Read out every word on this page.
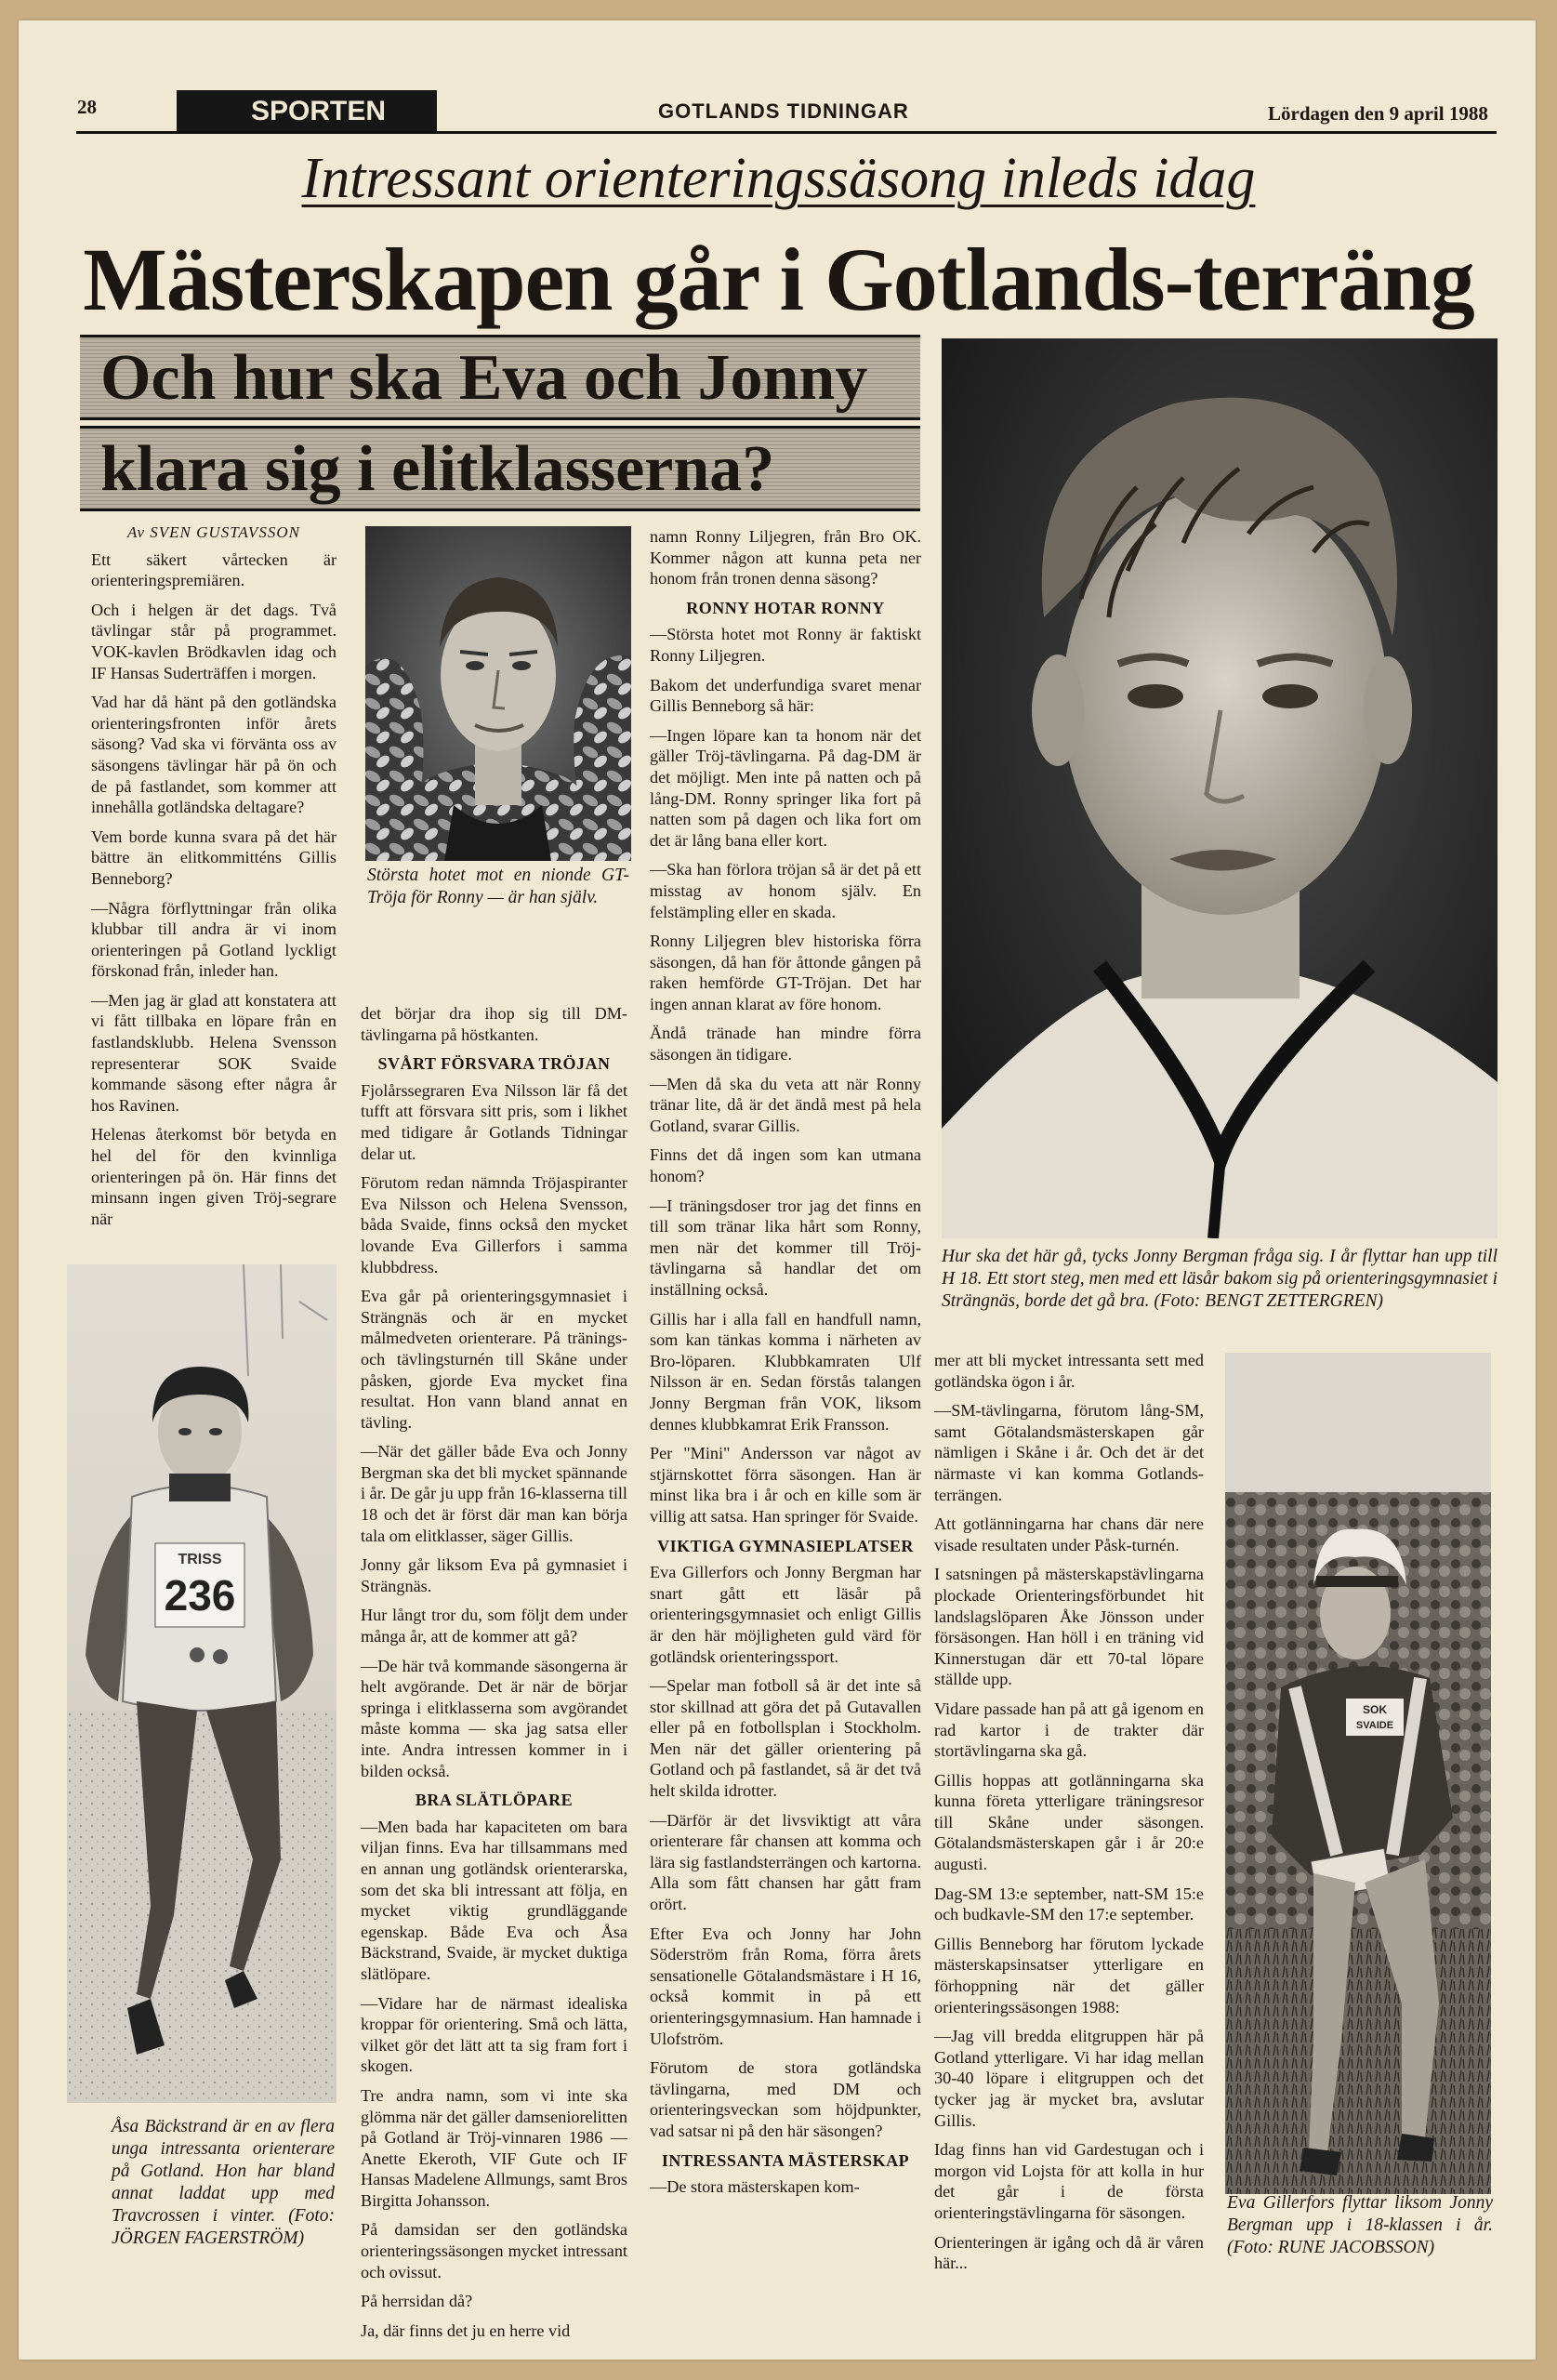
28	SPORTEN	GOTLANDS TIDNINGAR	Lördagen den 9 april 1988
Intressant orienteringssäsong inleds idag
Mästerskapen går i Gotlands-terräng
Och hur ska Eva och Jonny
klara sig i elitklasserna?

Av SVEN GUSTAVSSON

Ett säkert vårtecken är orienteringspremiären.

Och i helgen är det dags. Två tävlingar står på programmet. VOK-kavlen Brödkavlen idag och IF Hansas Suderträffen i morgen.

Vad har då hänt på den gotländska orienteringsfronten inför årets säsong? Vad ska vi förvänta oss av säsongens tävlingar här på ön och de på fastlandet, som kommer att innehålla gotländska deltagare?

Vem borde kunna svara på det här bättre än elitkommitténs Gillis Benneborg?

—Några förflyttningar från olika klubbar till andra är vi inom orienteringen på Gotland lyckligt förskonad från, inleder han.

—Men jag är glad att konstatera att vi fått tillbaka en löpare från en fastlandsklubb. Helena Svensson representerar SOK Svaide kommande säsong efter några år hos Ravinen.

Helenas återkomst bör betyda en hel del för den kvinnliga orienteringen på ön. Här finns det minsann ingen given Tröj-segrare när

det börjar dra ihop sig till DM-tävlingarna på höstkanten.

SVÅRT FÖRSVARA TRÖJAN

Fjolårssegraren Eva Nilsson lär få det tufft att försvara sitt pris, som i likhet med tidigare år Gotlands Tidningar delar ut.

Förutom redan nämnda Tröjaspiranter Eva Nilsson och Helena Svensson, båda Svaide, finns också den mycket lovande Eva Gillerfors i samma klubbdress.

Eva går på orienteringsgymnasiet i Strängnäs och är en mycket målmedveten orienterare. På tränings- och tävlingsturnén till Skåne under påsken, gjorde Eva mycket fina resultat. Hon vann bland annat en tävling.

—När det gäller både Eva och Jonny Bergman ska det bli mycket spännande i år. De går ju upp från 16-klasserna till 18 och det är först där man kan börja tala om elitklasser, säger Gillis.

Jonny går liksom Eva på gymnasiet i Strängnäs.

Hur långt tror du, som följt dem under många år, att de kommer att gå?

—De här två kommande säsongerna är helt avgörande. Det är när de börjar springa i elitklasserna som avgörandet måste komma — ska jag satsa eller inte. Andra intressen kommer in i bilden också.

BRA SLÄTLÖPARE

—Men bada har kapaciteten om bara viljan finns. Eva har tillsammans med en annan ung gotländsk orienterarska, som det ska bli intressant att följa, en mycket viktig grundläggande egenskap. Både Eva och Åsa Bäckstrand, Svaide, är mycket duktiga slätlöpare.

—Vidare har de närmast idealiska kroppar för orientering. Små och lätta, vilket gör det lätt att ta sig fram fort i skogen.

Tre andra namn, som vi inte ska glömma när det gäller damseniorelitten på Gotland är Tröj-vinnaren 1986 — Anette Ekeroth, VIF Gute och IF Hansas Madelene Allmungs, samt Bros Birgitta Johansson.

På damsidan ser den gotländska orienteringssäsongen mycket intressant och ovissut.

På herrsidan då?

Ja, där finns det ju en herre vid

namn Ronny Liljegren, från Bro OK. Kommer någon att kunna peta ner honom från tronen denna säsong?

RONNY HOTAR RONNY

—Största hotet mot Ronny är faktiskt Ronny Liljegren.

Bakom det underfundiga svaret menar Gillis Benneborg så här:

—Ingen löpare kan ta honom när det gäller Tröj-tävlingarna. På dag-DM är det möjligt. Men inte på natten och på lång-DM. Ronny springer lika fort på natten som på dagen och lika fort om det är lång bana eller kort.

—Ska han förlora tröjan så är det på ett misstag av honom själv. En felstämpling eller en skada.

Ronny Liljegren blev historiska förra säsongen, då han för åttonde gången på raken hemförde GT-Tröjan. Det har ingen annan klarat av före honom.

Ändå tränade han mindre förra säsongen än tidigare.

—Men då ska du veta att när Ronny tränar lite, då är det ändå mest på hela Gotland, svarar Gillis.

Finns det då ingen som kan utmana honom?

—I träningsdoser tror jag det finns en till som tränar lika hårt som Ronny, men när det kommer till Tröj-tävlingarna så handlar det om inställning också.

Gillis har i alla fall en handfull namn, som kan tänkas komma i närheten av Bro-löparen. Klubbkamraten Ulf Nilsson är en. Sedan förstås talangen Jonny Bergman från VOK, liksom dennes klubbkamrat Erik Fransson.

Per "Mini" Andersson var något av stjärnskottet förra säsongen. Han är minst lika bra i år och en kille som är villig att satsa. Han springer för Svaide.

VIKTIGA GYMNASIEPLATSER

Eva Gillerfors och Jonny Bergman har snart gått ett läsår på orienteringsgymnasiet och enligt Gillis är den här möjligheten guld värd för gotländsk orienteringssport.

—Spelar man fotboll så är det inte så stor skillnad att göra det på Gutavallen eller på en fotbollsplan i Stockholm. Men när det gäller orientering på Gotland och på fastlandet, så är det två helt skilda idrotter.

—Därför är det livsviktigt att våra orienterare får chansen att komma och lära sig fastlandsterrängen och kartorna. Alla som fått chansen har gått fram orört.

Efter Eva och Jonny har John Söderström från Roma, förra årets sensationelle Götalandsmästare i H 16, också kommit in på ett orienteringsgymnasium. Han hamnade i Ulofström.

Förutom de stora gotländska tävlingarna, med DM och orienteringsveckan som höjdpunkter, vad satsar ni på den här säsongen?

INTRESSANTA MÄSTERSKAP

—De stora mästerskapen kom-

mer att bli mycket intressanta sett med gotländska ögon i år.

—SM-tävlingarna, förutom lång-SM, samt Götalandsmästerskapen går nämligen i Skåne i år. Och det är det närmaste vi kan komma Gotlands-terrängen.

Att gotlänningarna har chans där nere visade resultaten under Påsk-turnén.

I satsningen på mästerskapstävlingarna plockade Orienteringsförbundet hit landslagslöparen Åke Jönsson under försäsongen. Han höll i en träning vid Kinnerstugan där ett 70-tal löpare ställde upp.

Vidare passade han på att gå igenom en rad kartor i de trakter där stortävlingarna ska gå.

Gillis hoppas att gotlänningarna ska kunna företa ytterligare träningsresor till Skåne under säsongen. Götalandsmästerskapen går i år 20:e augusti.

Dag-SM 13:e september, natt-SM 15:e och budkavle-SM den 17:e september.

Gillis Benneborg har förutom lyckade mästerskapsinsatser ytterligare en förhoppning när det gäller orienteringssäsongen 1988:

—Jag vill bredda elitgruppen här på Gotland ytterligare. Vi har idag mellan 30-40 löpare i elitgruppen och det tycker jag är mycket bra, avslutar Gillis.

Idag finns han vid Gardestugan och i morgon vid Lojsta för att kolla in hur det går i de första orienteringstävlingarna för säsongen.

Orienteringen är igång och då är våren här...

Största hotet mot en nionde GT-Tröja för Ronny — är han själv.
Hur ska det här gå, tycks Jonny Bergman fråga sig. I år flyttar han upp till H 18. Ett stort steg, men med ett läsår bakom sig på orienteringsgymnasiet i Strängnäs, borde det gå bra. (Foto: BENGT ZETTERGREN)
TRISS
236
Åsa Bäckstrand är en av flera unga intressanta orienterare på Gotland. Hon har bland annat laddat upp med Travcrossen i vinter. (Foto: JÖRGEN FAGERSTRÖM)
SOK
SVAIDE
Eva Gillerfors flyttar liksom Jonny Bergman upp i 18-klassen i år. (Foto: RUNE JACOBSSON)
